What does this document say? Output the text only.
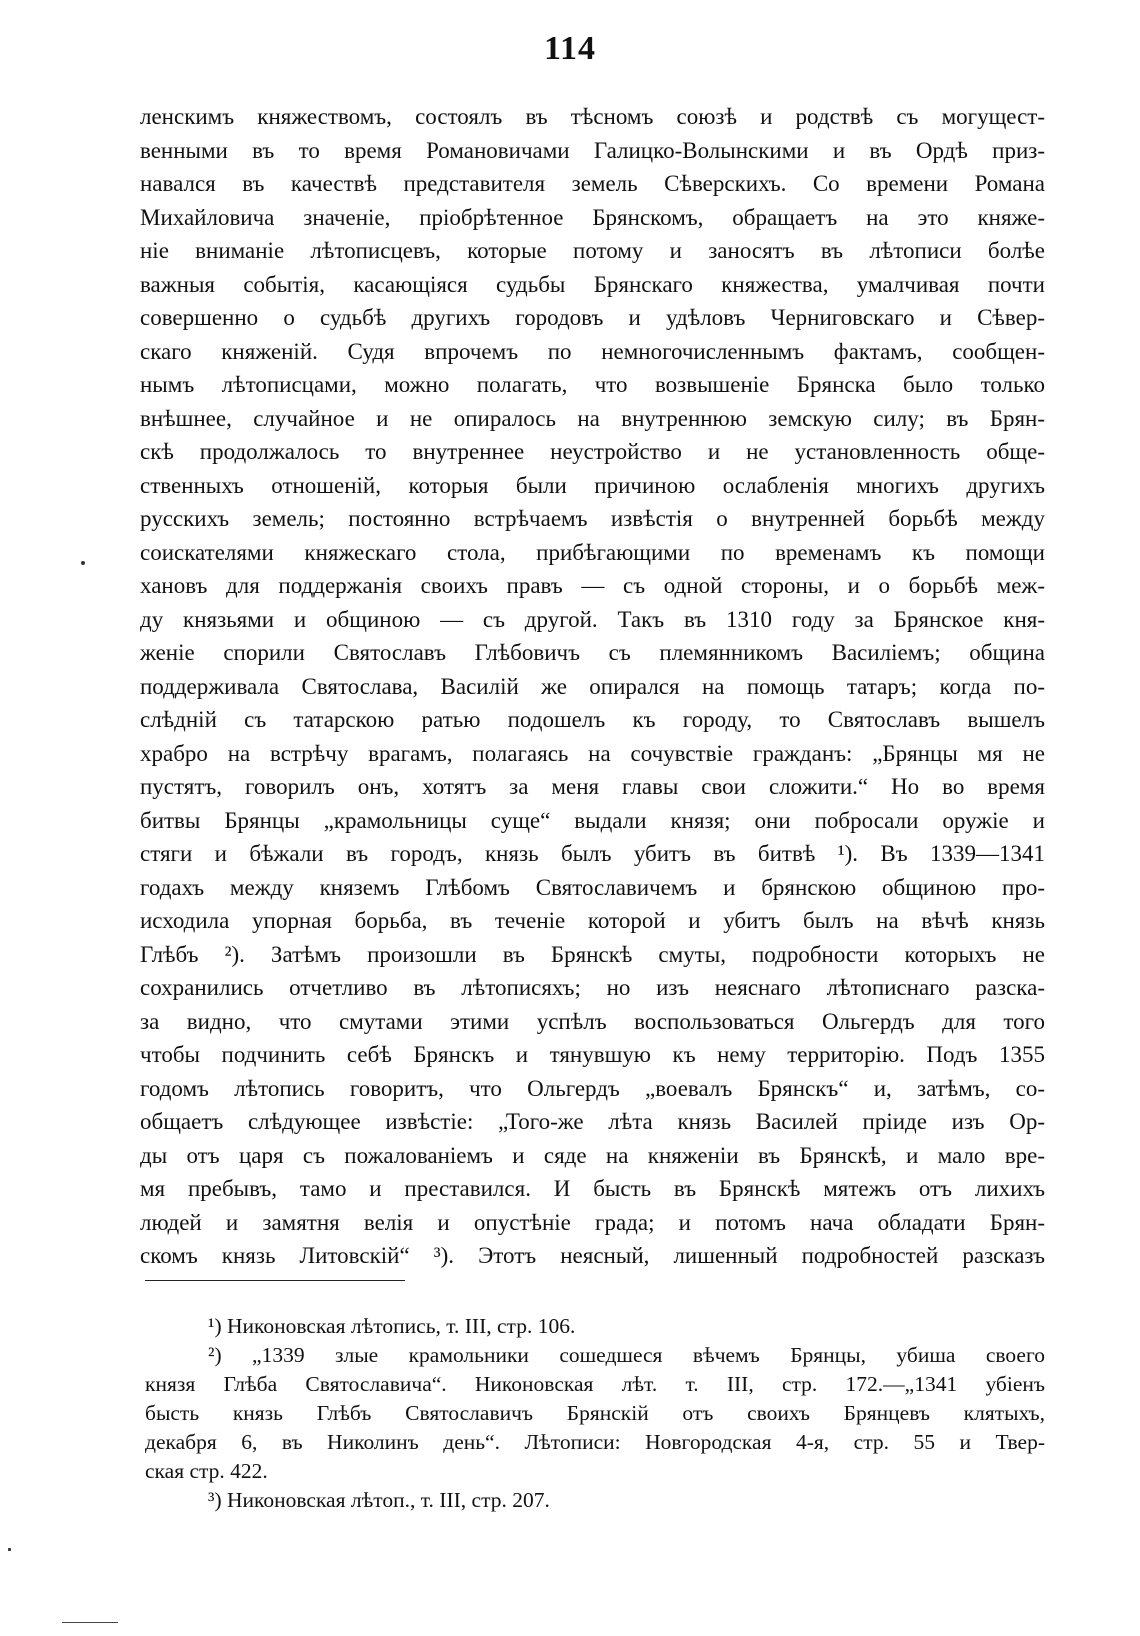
114
ленскимъ княжествомъ, состоялъ въ тѣсномъ союзѣ и родствѣ съ могущест-
венными въ то время Романовичами Галицко-Волынскими и въ Ордѣ приз-
навался въ качествѣ представителя земель Сѣверскихъ. Со времени Романа
Михайловича значеніе, пріобрѣтенное Брянскомъ, обращаетъ на это княже-
ніе вниманіе лѣтописцевъ, которые потому и заносятъ въ лѣтописи болѣе
важныя событія, касающіяся судьбы Брянскаго княжества, умалчивая почти
совершенно о судьбѣ другихъ городовъ и удѣловъ Черниговскаго и Сѣвер-
скаго княженій. Судя впрочемъ по немногочисленнымъ фактамъ, сообщен-
нымъ лѣтописцами, можно полагать, что возвышеніе Брянска было только
внѣшнее, случайное и не опиралось на внутреннюю земскую силу; въ Брян-
скѣ продолжалось то внутреннее неустройство и не установленность обще-
ственныхъ отношеній, которыя были причиною ослабленія многихъ другихъ
русскихъ земель; постоянно встрѣчаемъ извѣстія о внутренней борьбѣ между
соискателями княжескаго стола, прибѣгающими по временамъ къ помощи
хановъ для поддержанія своихъ правъ — съ одной стороны, и о борьбѣ меж-
ду князьями и общиною — съ другой. Такъ въ 1310 году за Брянское кня-
женіе спорили Святославъ Глѣбовичъ съ племянникомъ Василіемъ; община
поддерживала Святослава, Василій же опирался на помощь татаръ; когда по-
слѣдній съ татарскою ратью подошелъ къ городу, то Святославъ вышелъ
храбро на встрѣчу врагамъ, полагаясь на сочувствіе гражданъ: „Брянцы мя не
пустятъ, говорилъ онъ, хотятъ за меня главы свои сложити.“ Но во время
битвы Брянцы „крамольницы суще“ выдали князя; они побросали оружіе и
стяги и бѣжали въ городъ, князь былъ убитъ въ битвѣ ¹). Въ 1339—1341
годахъ между княземъ Глѣбомъ Святославичемъ и брянскою общиною про-
исходила упорная борьба, въ теченіе которой и убитъ былъ на вѣчѣ князь
Глѣбъ ²). Затѣмъ произошли въ Брянскѣ смуты, подробности которыхъ не
сохранились отчетливо въ лѣтописяхъ; но изъ неяснаго лѣтописнаго разска-
за видно, что смутами этими успѣлъ воспользоваться Ольгердъ для того
чтобы подчинить себѣ Брянскъ и тянувшую къ нему территорію. Подъ 1355
годомъ лѣтопись говоритъ, что Ольгердъ „воевалъ Брянскъ“ и, затѣмъ, со-
общаетъ слѣдующее извѣстіе: „Того-же лѣта князь Василей пріиде изъ Ор-
ды отъ царя съ пожалованіемъ и сяде на княженіи въ Брянскѣ, и мало вре-
мя пребывъ, тамо и преставился. И бысть въ Брянскѣ мятежъ отъ лихихъ
людей и замятня велія и опустѣніе града; и потомъ нача обладати Брян-
скомъ князь Литовскій“ ³). Этотъ неясный, лишенный подробностей разсказъ
¹) Никоновская лѣтопись, т. III, стр. 106.
²) „1339 злые крамольники сошедшеся вѣчемъ Брянцы, убиша своего
князя Глѣба Святославича“. Никоновская лѣт. т. III, стр. 172.—„1341 убіенъ
бысть князь Глѣбъ Святославичъ Брянскій отъ своихъ Брянцевъ клятыхъ,
декабря 6, въ Николинъ день“. Лѣтописи: Новгородская 4-я, стр. 55 и Твер-
ская стр. 422.
³) Никоновская лѣтоп., т. III, стр. 207.
